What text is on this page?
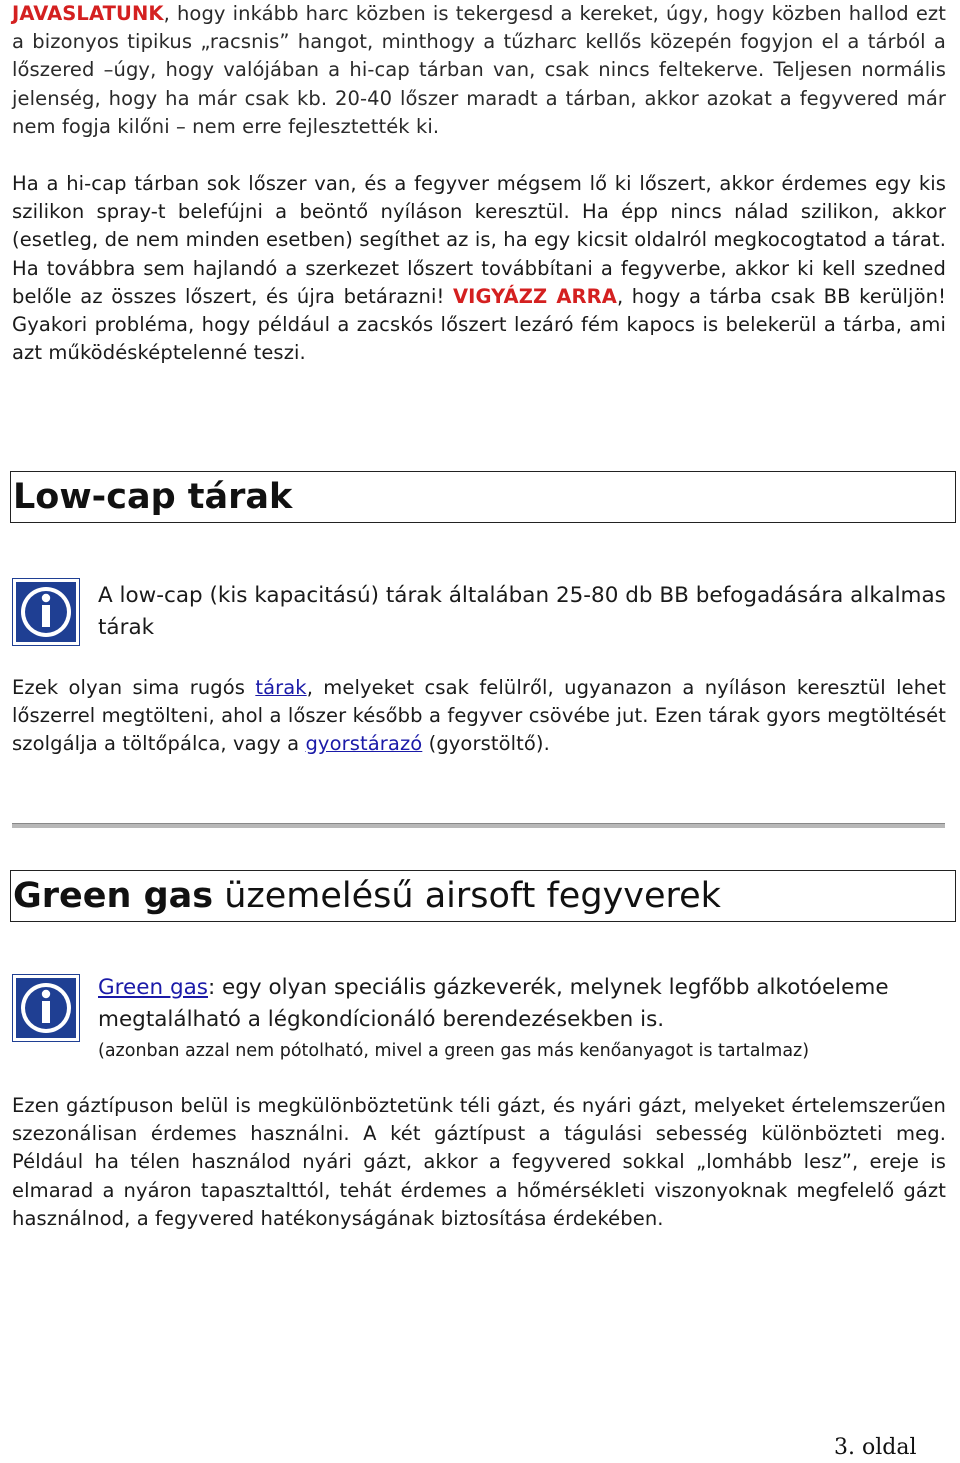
JAVASLATUNK, hogy inkább harc közben is tekergesd a kereket, úgy, hogy közben hallod ezt a bizonyos tipikus „racsnis” hangot, minthogy a tűzharc kellős közepén fogyjon el a tárból a lőszered –úgy, hogy valójában a hi-cap tárban van, csak nincs feltekerve. Teljesen normális jelenség, hogy ha már csak kb. 20-40 lőszer maradt a tárban, akkor azokat a fegyvered már nem fogja kilőni – nem erre fejlesztették ki.

Ha a hi-cap tárban sok lőszer van, és a fegyver mégsem lő ki lőszert, akkor érdemes egy kis szilikon spray-t belefújni a beöntő nyíláson keresztül. Ha épp nincs nálad szilikon, akkor (esetleg, de nem minden esetben) segíthet az is, ha egy kicsit oldalról megkocogtatod a tárat. Ha továbbra sem hajlandó a szerkezet lőszert továbbítani a fegyverbe, akkor ki kell szedned belőle az összes lőszert, és újra betárazni! VIGYÁZZ ARRA, hogy a tárba csak BB kerüljön! Gyakori probléma, hogy például a zacskós lőszert lezáró fém kapocs is belekerül a tárba, ami azt működésképtelenné teszi.

Low-cap tárak

A low-cap (kis kapacitású) tárak általában 25-80 db BB befogadására alkalmas tárak

Ezek olyan sima rugós tárak, melyeket csak felülről, ugyanazon a nyíláson keresztül lehet lőszerrel megtölteni, ahol a lőszer később a fegyver csövébe jut. Ezen tárak gyors megtöltését szolgálja a töltőpálca, vagy a gyorstárazó (gyorstöltő).

Green gas üzemelésű airsoft fegyverek

Green gas: egy olyan speciális gázkeverék, melynek legfőbb alkotóeleme megtalálható a légkondícionáló berendezésekben is.

(azonban azzal nem pótolható, mivel a green gas más kenőanyagot is tartalmaz)

Ezen gáztípuson belül is megkülönböztetünk téli gázt, és nyári gázt, melyeket értelemszerűen szezonálisan érdemes használni. A két gáztípust a tágulási sebesség különbözteti meg. Például ha télen használod nyári gázt, akkor a fegyvered sokkal „lomhább lesz”, ereje is elmarad a nyáron tapasztalttól, tehát érdemes a hőmérsékleti viszonyoknak megfelelő gázt használnod, a fegyvered hatékonyságának biztosítása érdekében.

3. oldal
